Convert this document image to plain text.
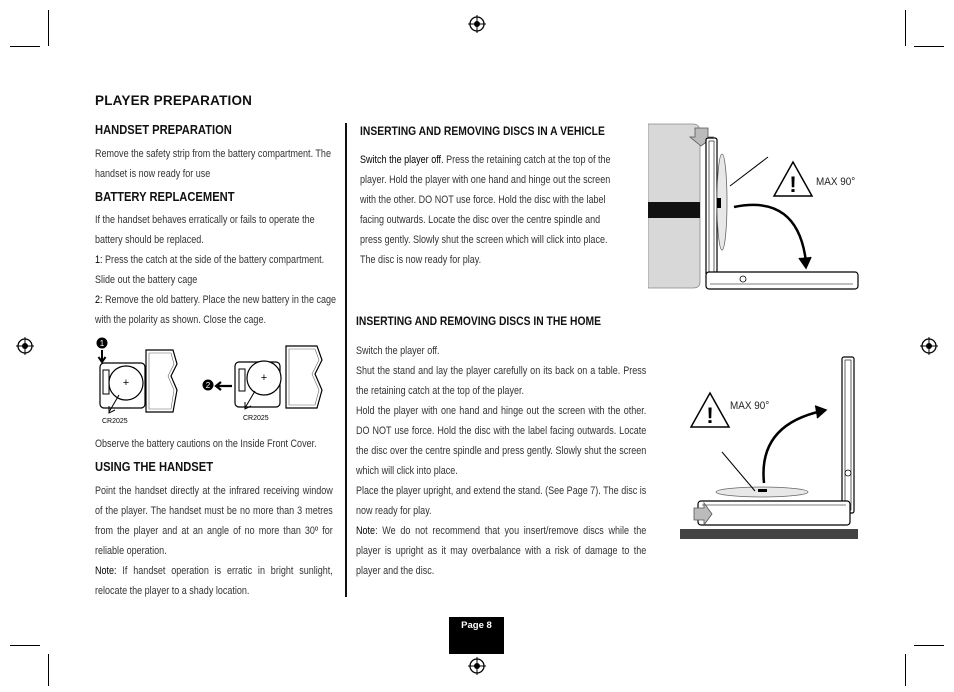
PLAYER PREPARATION
HANDSET PREPARATION
Remove the safety strip from the battery compartment. The handset is now ready for use
BATTERY REPLACEMENT
If the handset behaves erratically or fails to operate the battery should be replaced.
1: Press the catch at the side of the battery compartment. Slide out the battery cage
2: Remove the old battery. Place the new battery in the cage with the polarity as shown. Close the cage.
1
+
CR2025
2
+
CR2025
Observe the battery cautions on the Inside Front Cover.
USING THE HANDSET
Point the handset directly at the infrared receiving window of the player. The handset must be no more than 3 metres from the player and at an angle of no more than 30º for reliable operation.
Note: If handset operation is erratic in bright sunlight, relocate the player to a shady location.
INSERTING AND REMOVING DISCS IN A VEHICLE
Switch the player off. Press the retaining catch at the top of the player. Hold the player with one hand and hinge out the screen with the other. DO NOT use force. Hold the disc with the label facing outwards. Locate the disc over the centre spindle and press gently. Slowly shut the screen which will click into place. The disc is now ready for play.
! MAX 90°
INSERTING AND REMOVING DISCS IN THE HOME
Switch the player off.
Shut the stand and lay the player carefully on its back on a table. Press the retaining catch at the top of the player.
Hold the player with one hand and hinge out the screen with the other. DO NOT use force. Hold the disc with the label facing outwards. Locate the disc over the centre spindle and press gently. Slowly shut the screen which will click into place.
Place the player upright, and extend the stand. (See Page 7). The disc is now ready for play.
Note: We do not recommend that you insert/remove discs while the player is upright as it may overbalance with a risk of damage to the player and the disc.
! MAX 90°
Page 8
